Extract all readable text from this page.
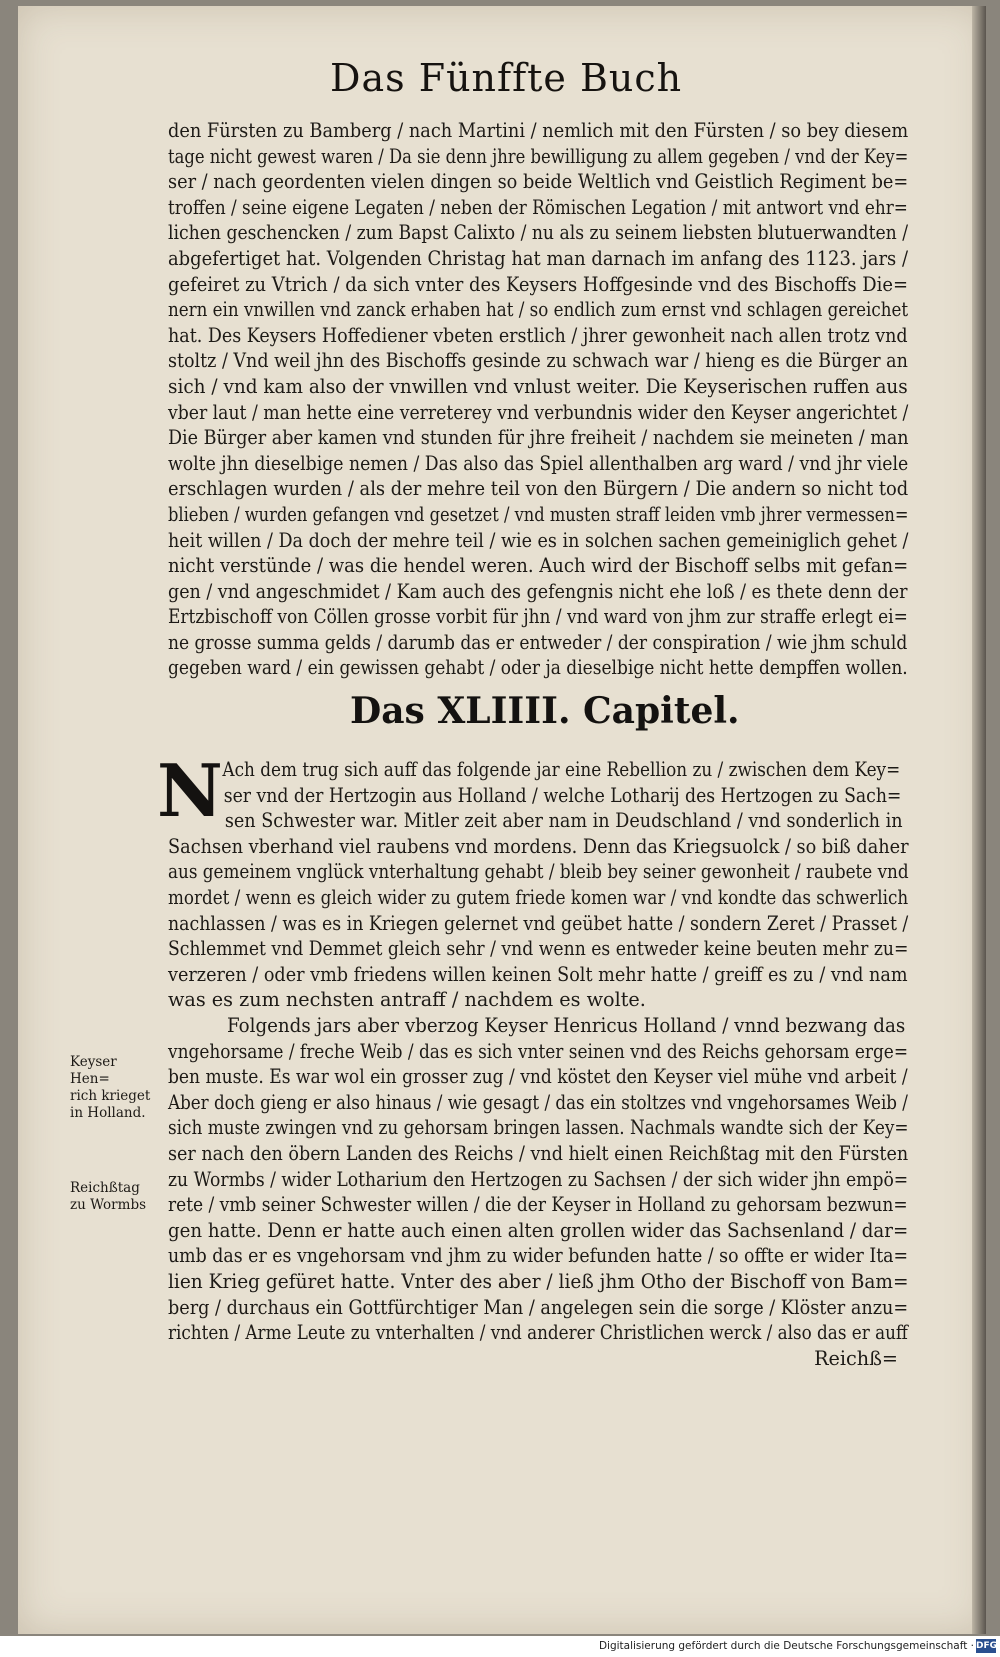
Das Fünffte Buch
den Fürsten zu Bamberg / nach Martini / nemlich mit den Fürsten / so bey diesem
tage nicht gewest waren / Da sie denn jhre bewilligung zu allem gegeben / vnd der Key=
ser / nach geordenten vielen dingen so beide Weltlich vnd Geistlich Regiment be=
troffen / seine eigene Legaten / neben der Römischen Legation / mit antwort vnd ehr=
lichen geschencken / zum Bapst Calixto / nu als zu seinem liebsten blutuerwandten /
abgefertiget hat. Volgenden Christag hat man darnach im anfang des 1123. jars /
gefeiret zu Vtrich / da sich vnter des Keysers Hoffgesinde vnd des Bischoffs Die=
nern ein vnwillen vnd zanck erhaben hat / so endlich zum ernst vnd schlagen gereichet
hat. Des Keysers Hoffediener vbeten erstlich / jhrer gewonheit nach allen trotz vnd
stoltz / Vnd weil jhn des Bischoffs gesinde zu schwach war / hieng es die Bürger an
sich / vnd kam also der vnwillen vnd vnlust weiter. Die Keyserischen ruffen aus
vber laut / man hette eine verreterey vnd verbundnis wider den Keyser angerichtet /
Die Bürger aber kamen vnd stunden für jhre freiheit / nachdem sie meineten / man
wolte jhn dieselbige nemen / Das also das Spiel allenthalben arg ward / vnd jhr viele
erschlagen wurden / als der mehre teil von den Bürgern / Die andern so nicht tod
blieben / wurden gefangen vnd gesetzet / vnd musten straff leiden vmb jhrer vermessen=
heit willen / Da doch der mehre teil / wie es in solchen sachen gemeiniglich gehet /
nicht verstünde / was die hendel weren. Auch wird der Bischoff selbs mit gefan=
gen / vnd angeschmidet / Kam auch des gefengnis nicht ehe loß / es thete denn der
Ertzbischoff von Cöllen grosse vorbit für jhn / vnd ward von jhm zur straffe erlegt ei=
ne grosse summa gelds / darumb das er entweder / der conspiration / wie jhm schuld
gegeben ward / ein gewissen gehabt / oder ja dieselbige nicht hette dempffen wollen.
Das XLIIII. Capitel.
N Ach dem trug sich auff das folgende jar eine Rebellion zu / zwischen dem Key=
ser vnd der Hertzogin aus Holland / welche Lotharij des Hertzogen zu Sach=
sen Schwester war. Mitler zeit aber nam in Deudschland / vnd sonderlich in
Sachsen vberhand viel raubens vnd mordens. Denn das Kriegsuolck / so biß daher
aus gemeinem vnglück vnterhaltung gehabt / bleib bey seiner gewonheit / raubete vnd
mordet / wenn es gleich wider zu gutem friede komen war / vnd kondte das schwerlich
nachlassen / was es in Kriegen gelernet vnd geübet hatte / sondern Zeret / Prasset /
Schlemmet vnd Demmet gleich sehr / vnd wenn es entweder keine beuten mehr zu=
verzeren / oder vmb friedens willen keinen Solt mehr hatte / greiff es zu / vnd nam
was es zum nechsten antraff / nachdem es wolte.
Folgends jars aber vberzog Keyser Henricus Holland / vnnd bezwang das
vngehorsame / freche Weib / das es sich vnter seinen vnd des Reichs gehorsam erge=
ben muste. Es war wol ein grosser zug / vnd köstet den Keyser viel mühe vnd arbeit /
Aber doch gieng er also hinaus / wie gesagt / das ein stoltzes vnd vngehorsames Weib /
sich muste zwingen vnd zu gehorsam bringen lassen. Nachmals wandte sich der Key=
ser nach den öbern Landen des Reichs / vnd hielt einen Reichßtag mit den Fürsten
zu Wormbs / wider Lotharium den Hertzogen zu Sachsen / der sich wider jhn empö=
rete / vmb seiner Schwester willen / die der Keyser in Holland zu gehorsam bezwun=
gen hatte. Denn er hatte auch einen alten grollen wider das Sachsenland / dar=
umb das er es vngehorsam vnd jhm zu wider befunden hatte / so offte er wider Ita=
lien Krieg gefüret hatte. Vnter des aber / ließ jhm Otho der Bischoff von Bam=
berg / durchaus ein Gottfürchtiger Man / angelegen sein die sorge / Klöster anzu=
richten / Arme Leute zu vnterhalten / vnd anderer Christlichen werck / also das er auff
Reichß=
Keyser Hen=
rich krieget
in Holland.
Reichßtag
zu Wormbs
Digitalisierung gefördert durch die Deutsche Forschungsgemeinschaft · DFG
